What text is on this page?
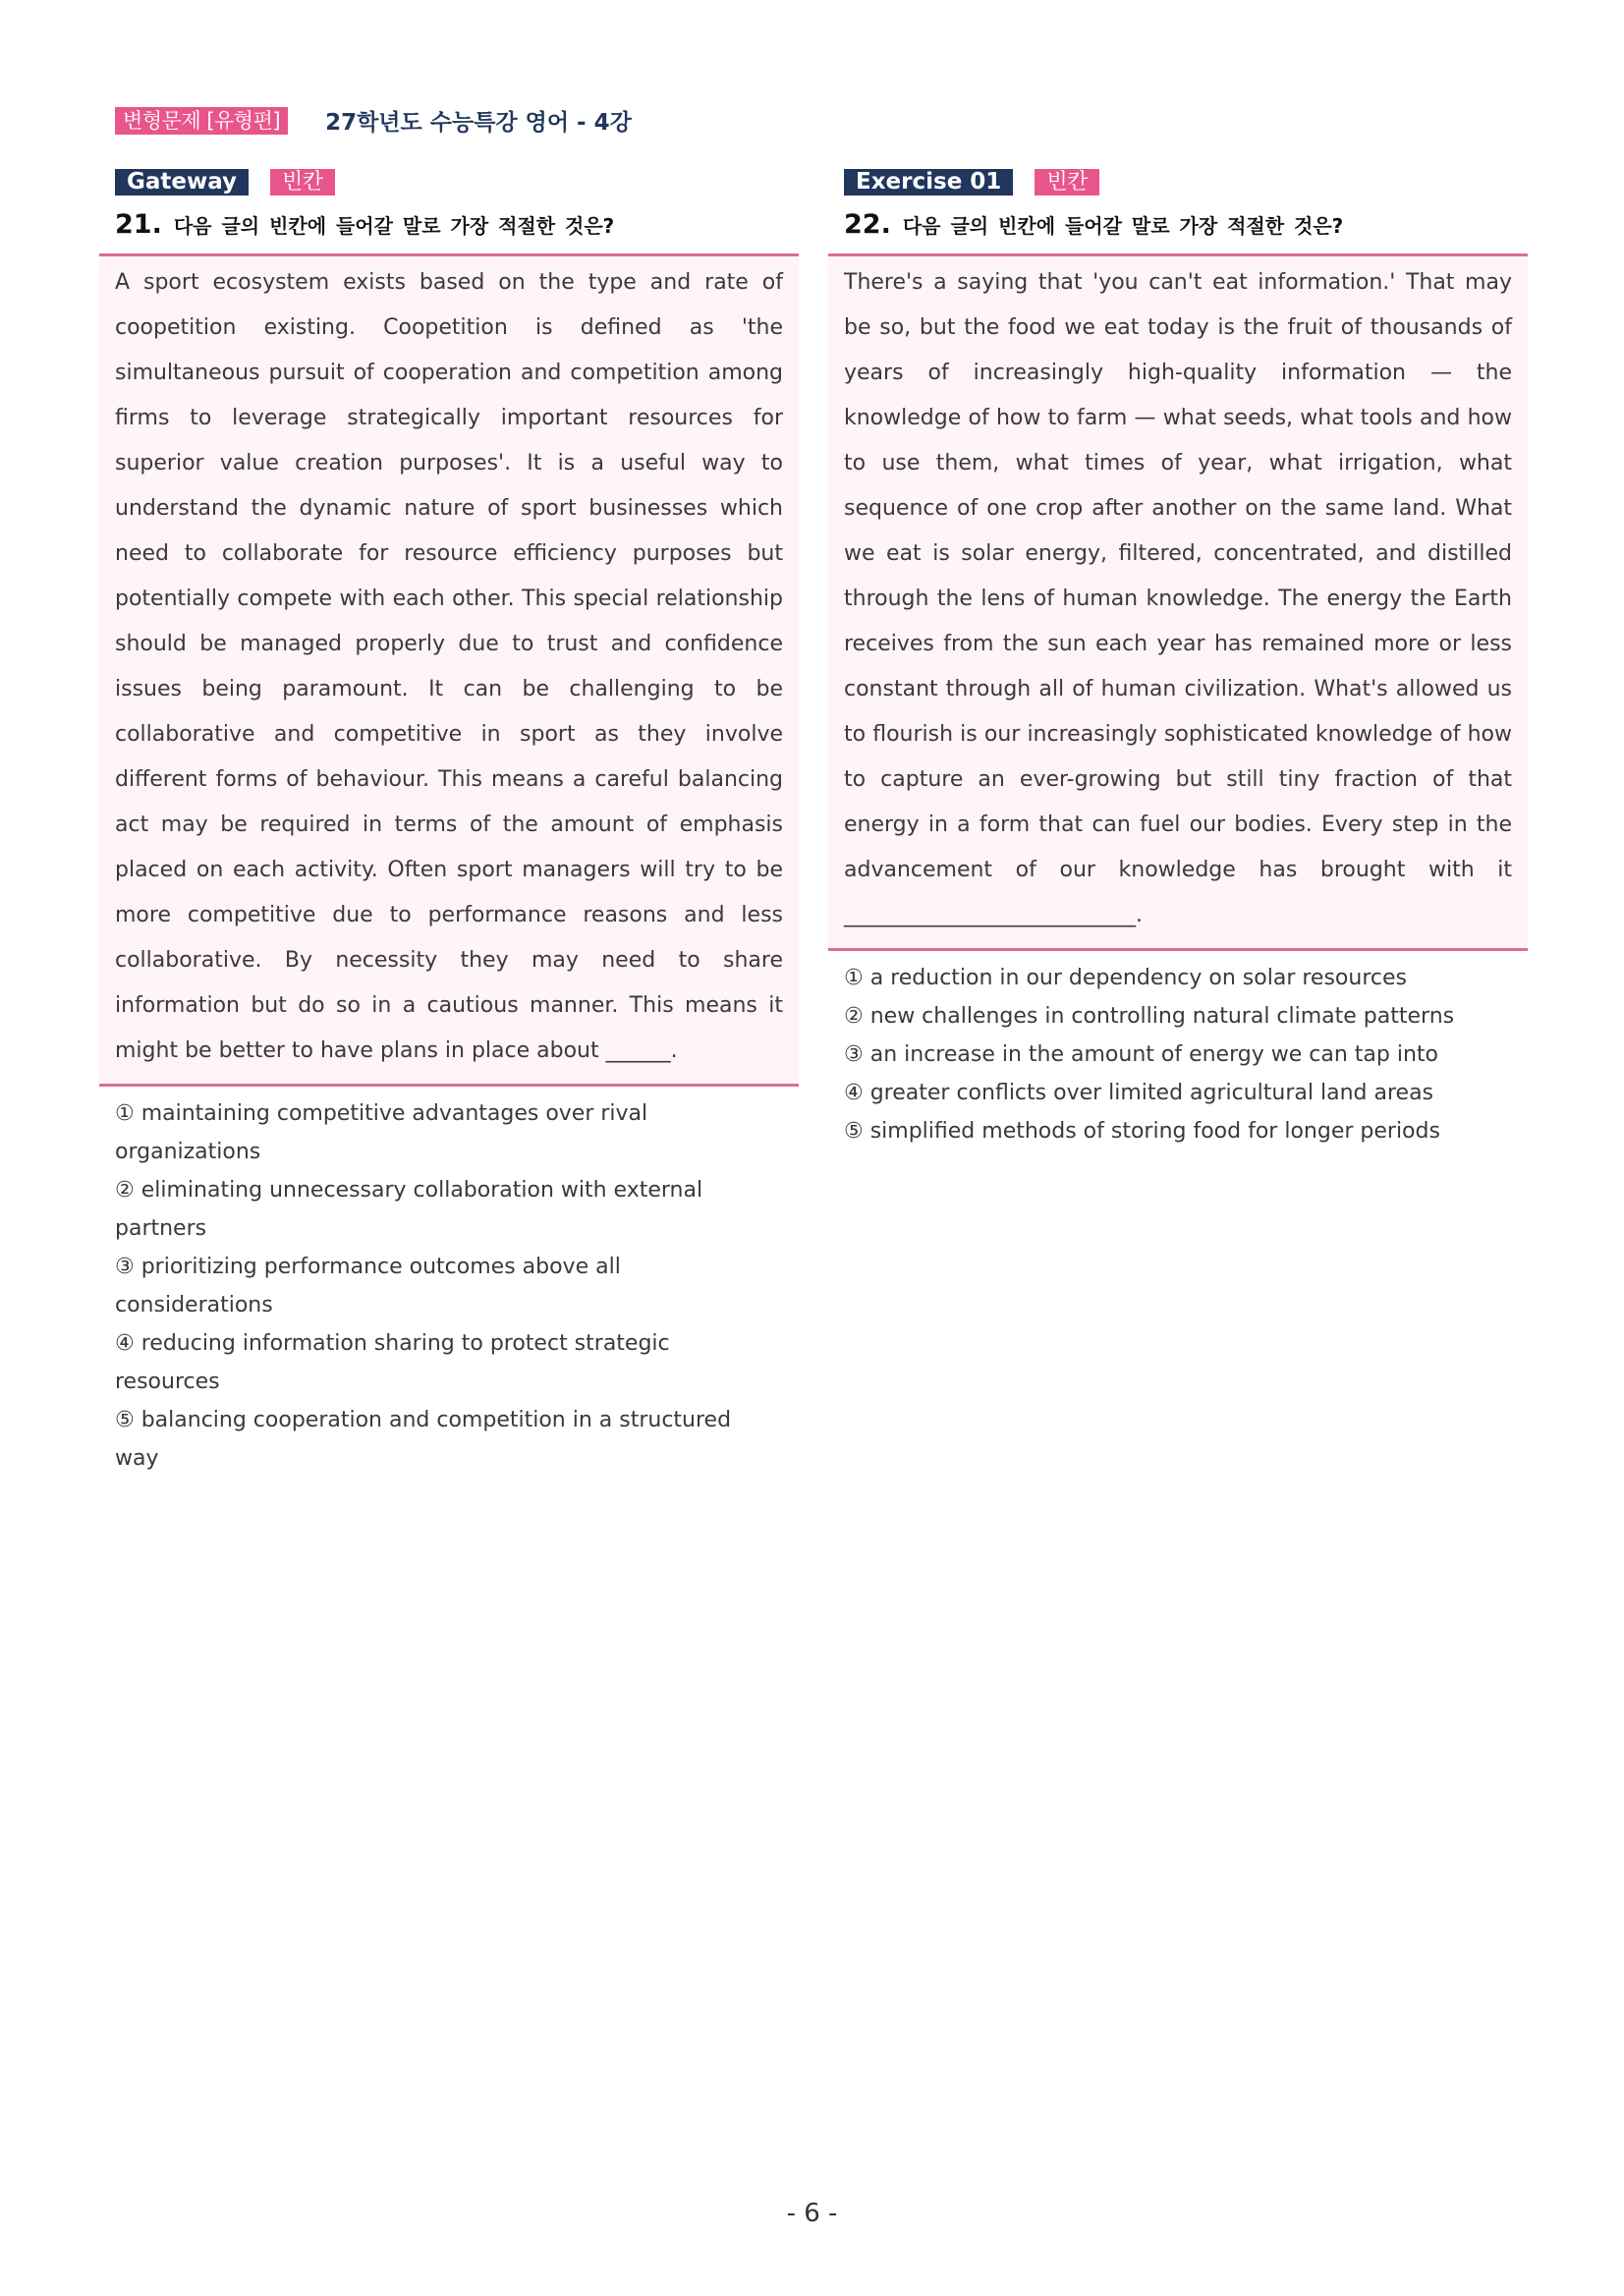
변형문제 [유형편]	27학년도 수능특강 영어 - 4강
Gateway	빈칸
21. 다음 글의 빈칸에 들어갈 말로 가장 적절한 것은?
A sport ecosystem exists based on the type and rate of coopetition existing. Coopetition is defined as 'the simultaneous pursuit of cooperation and competition among firms to leverage strategically important resources for superior value creation purposes'. It is a useful way to understand the dynamic nature of sport businesses which need to collaborate for resource efficiency purposes but potentially compete with each other. This special relationship should be managed properly due to trust and confidence issues being paramount. It can be challenging to be collaborative and competitive in sport as they involve different forms of behaviour. This means a careful balancing act may be required in terms of the amount of emphasis placed on each activity. Often sport managers will try to be more competitive due to performance reasons and less collaborative. By necessity they may need to share information but do so in a cautious manner. This means it might be better to have plans in place about ______.
① maintaining competitive advantages over rival organizations
② eliminating unnecessary collaboration with external partners
③ prioritizing performance outcomes above all considerations
④ reducing information sharing to protect strategic resources
⑤ balancing cooperation and competition in a structured way
Exercise 01	빈칸
22. 다음 글의 빈칸에 들어갈 말로 가장 적절한 것은?
There's a saying that 'you can't eat information.' That may be so, but the food we eat today is the fruit of thousands of years of increasingly high-quality information — the knowledge of how to farm — what seeds, what tools and how to use them, what times of year, what irrigation, what sequence of one crop after another on the same land. What we eat is solar energy, filtered, concentrated, and distilled through the lens of human knowledge. The energy the Earth receives from the sun each year has remained more or less constant through all of human civilization. What's allowed us to flourish is our increasingly sophisticated knowledge of how to capture an ever-growing but still tiny fraction of that energy in a form that can fuel our bodies. Every step in the advancement of our knowledge has brought with it ___________________________.
① a reduction in our dependency on solar resources
② new challenges in controlling natural climate patterns
③ an increase in the amount of energy we can tap into
④ greater conflicts over limited agricultural land areas
⑤ simplified methods of storing food for longer periods
- 6 -
